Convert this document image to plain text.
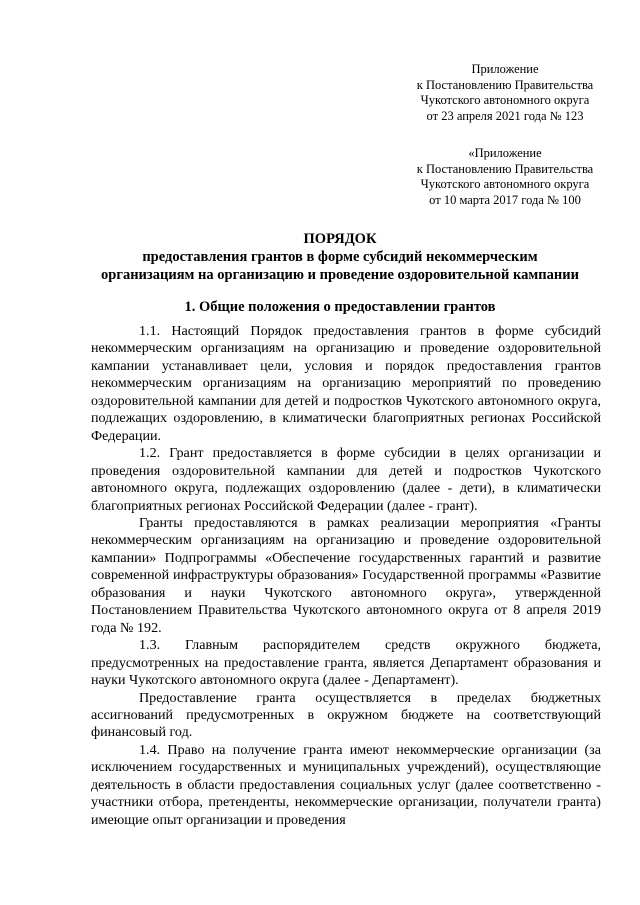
Приложение
к Постановлению Правительства
Чукотского автономного округа
от 23 апреля 2021 года № 123
«Приложение
к Постановлению Правительства
Чукотского автономного округа
от 10 марта 2017 года № 100
ПОРЯДОК
предоставления грантов в форме субсидий некоммерческим
организациям на организацию и проведение оздоровительной кампании
1. Общие положения о предоставлении грантов

1.1. Настоящий Порядок предоставления грантов в форме субсидий некоммерческим организациям на организацию и проведение оздоровительной кампании устанавливает цели, условия и порядок предоставления грантов некоммерческим организациям на организацию мероприятий по проведению оздоровительной кампании для детей и подростков Чукотского автономного округа, подлежащих оздоровлению, в климатически благоприятных регионах Российской Федерации.

1.2. Грант предоставляется в форме субсидии в целях организации и проведения оздоровительной кампании для детей и подростков Чукотского автономного округа, подлежащих оздоровлению (далее - дети), в климатически благоприятных регионах Российской Федерации (далее - грант).

Гранты предоставляются в рамках реализации мероприятия «Гранты некоммерческим организациям на организацию и проведение оздоровительной кампании» Подпрограммы «Обеспечение государственных гарантий и развитие современной инфраструктуры образования» Государственной программы «Развитие образования и науки Чукотского автономного округа», утвержденной Постановлением Правительства Чукотского автономного округа от 8 апреля 2019 года № 192.

1.3. Главным распорядителем средств окружного бюджета, предусмотренных на предоставление гранта, является Департамент образования и науки Чукотского автономного округа (далее - Департамент).

Предоставление гранта осуществляется в пределах бюджетных ассигнований предусмотренных в окружном бюджете на соответствующий финансовый год.

1.4. Право на получение гранта имеют некоммерческие организации (за исключением государственных и муниципальных учреждений), осуществляющие деятельность в области предоставления социальных услуг (далее соответственно - участники отбора, претенденты, некоммерческие организации, получатели гранта) имеющие опыт организации и проведения
